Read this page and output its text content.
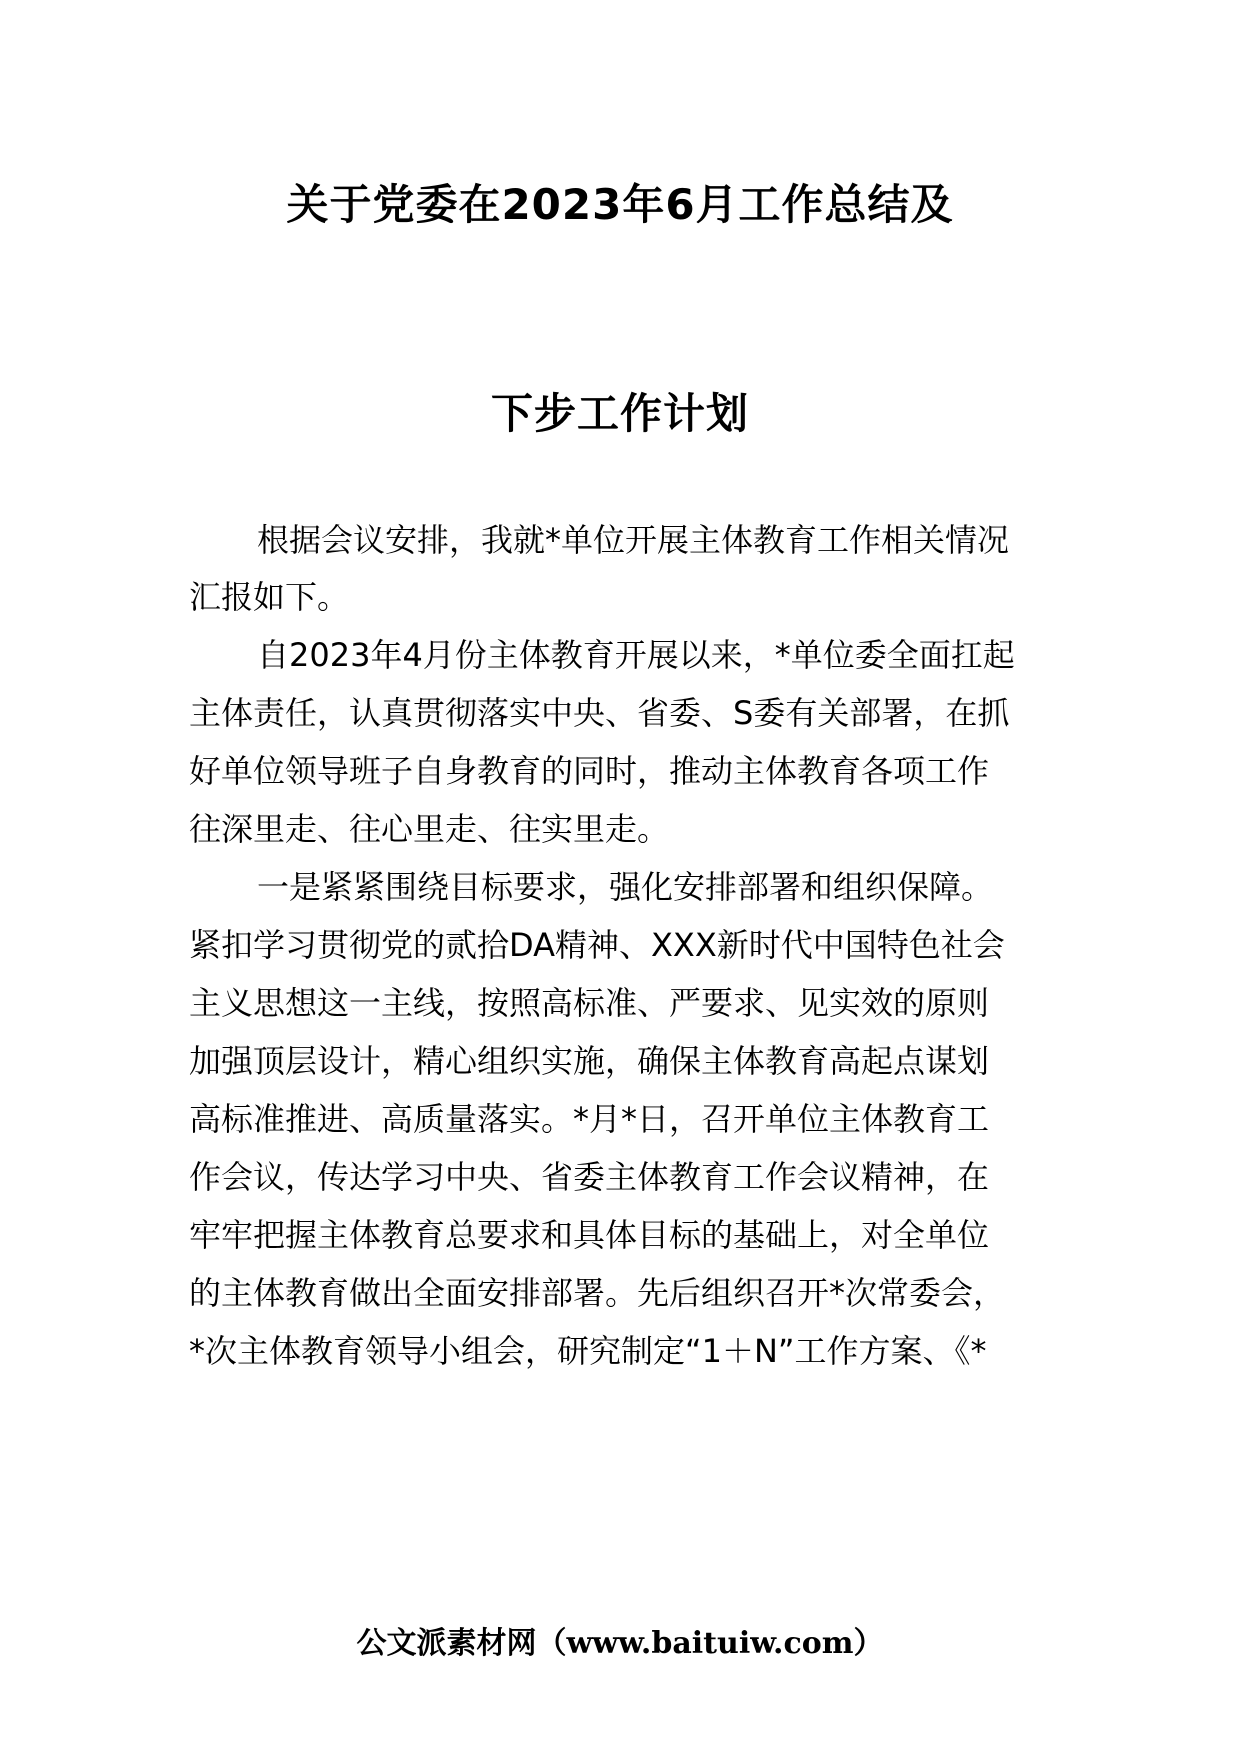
关于党委在2023年6月工作总结及
下步工作计划
根据会议安排，我就*单位开展主体教育工作相关情况
汇报如下。
自2023年4月份主体教育开展以来，*单位委全面扛起
主体责任，认真贯彻落实中央、省委、S委有关部署，在抓
好单位领导班子自身教育的同时，推动主体教育各项工作
往深里走、往心里走、往实里走。
一是紧紧围绕目标要求，强化安排部署和组织保障。
紧扣学习贯彻党的贰拾DA精神、XXX新时代中国特色社会
主义思想这一主线，按照高标准、严要求、见实效的原则
加强顶层设计，精心组织实施，确保主体教育高起点谋划
高标准推进、高质量落实。*月*日，召开单位主体教育工
作会议，传达学习中央、省委主体教育工作会议精神，在
牢牢把握主体教育总要求和具体目标的基础上，对全单位
的主体教育做出全面安排部署。先后组织召开*次常委会，
*次主体教育领导小组会，研究制定“1＋N”工作方案、《*
公文派素材网（www.baituiw.com）
